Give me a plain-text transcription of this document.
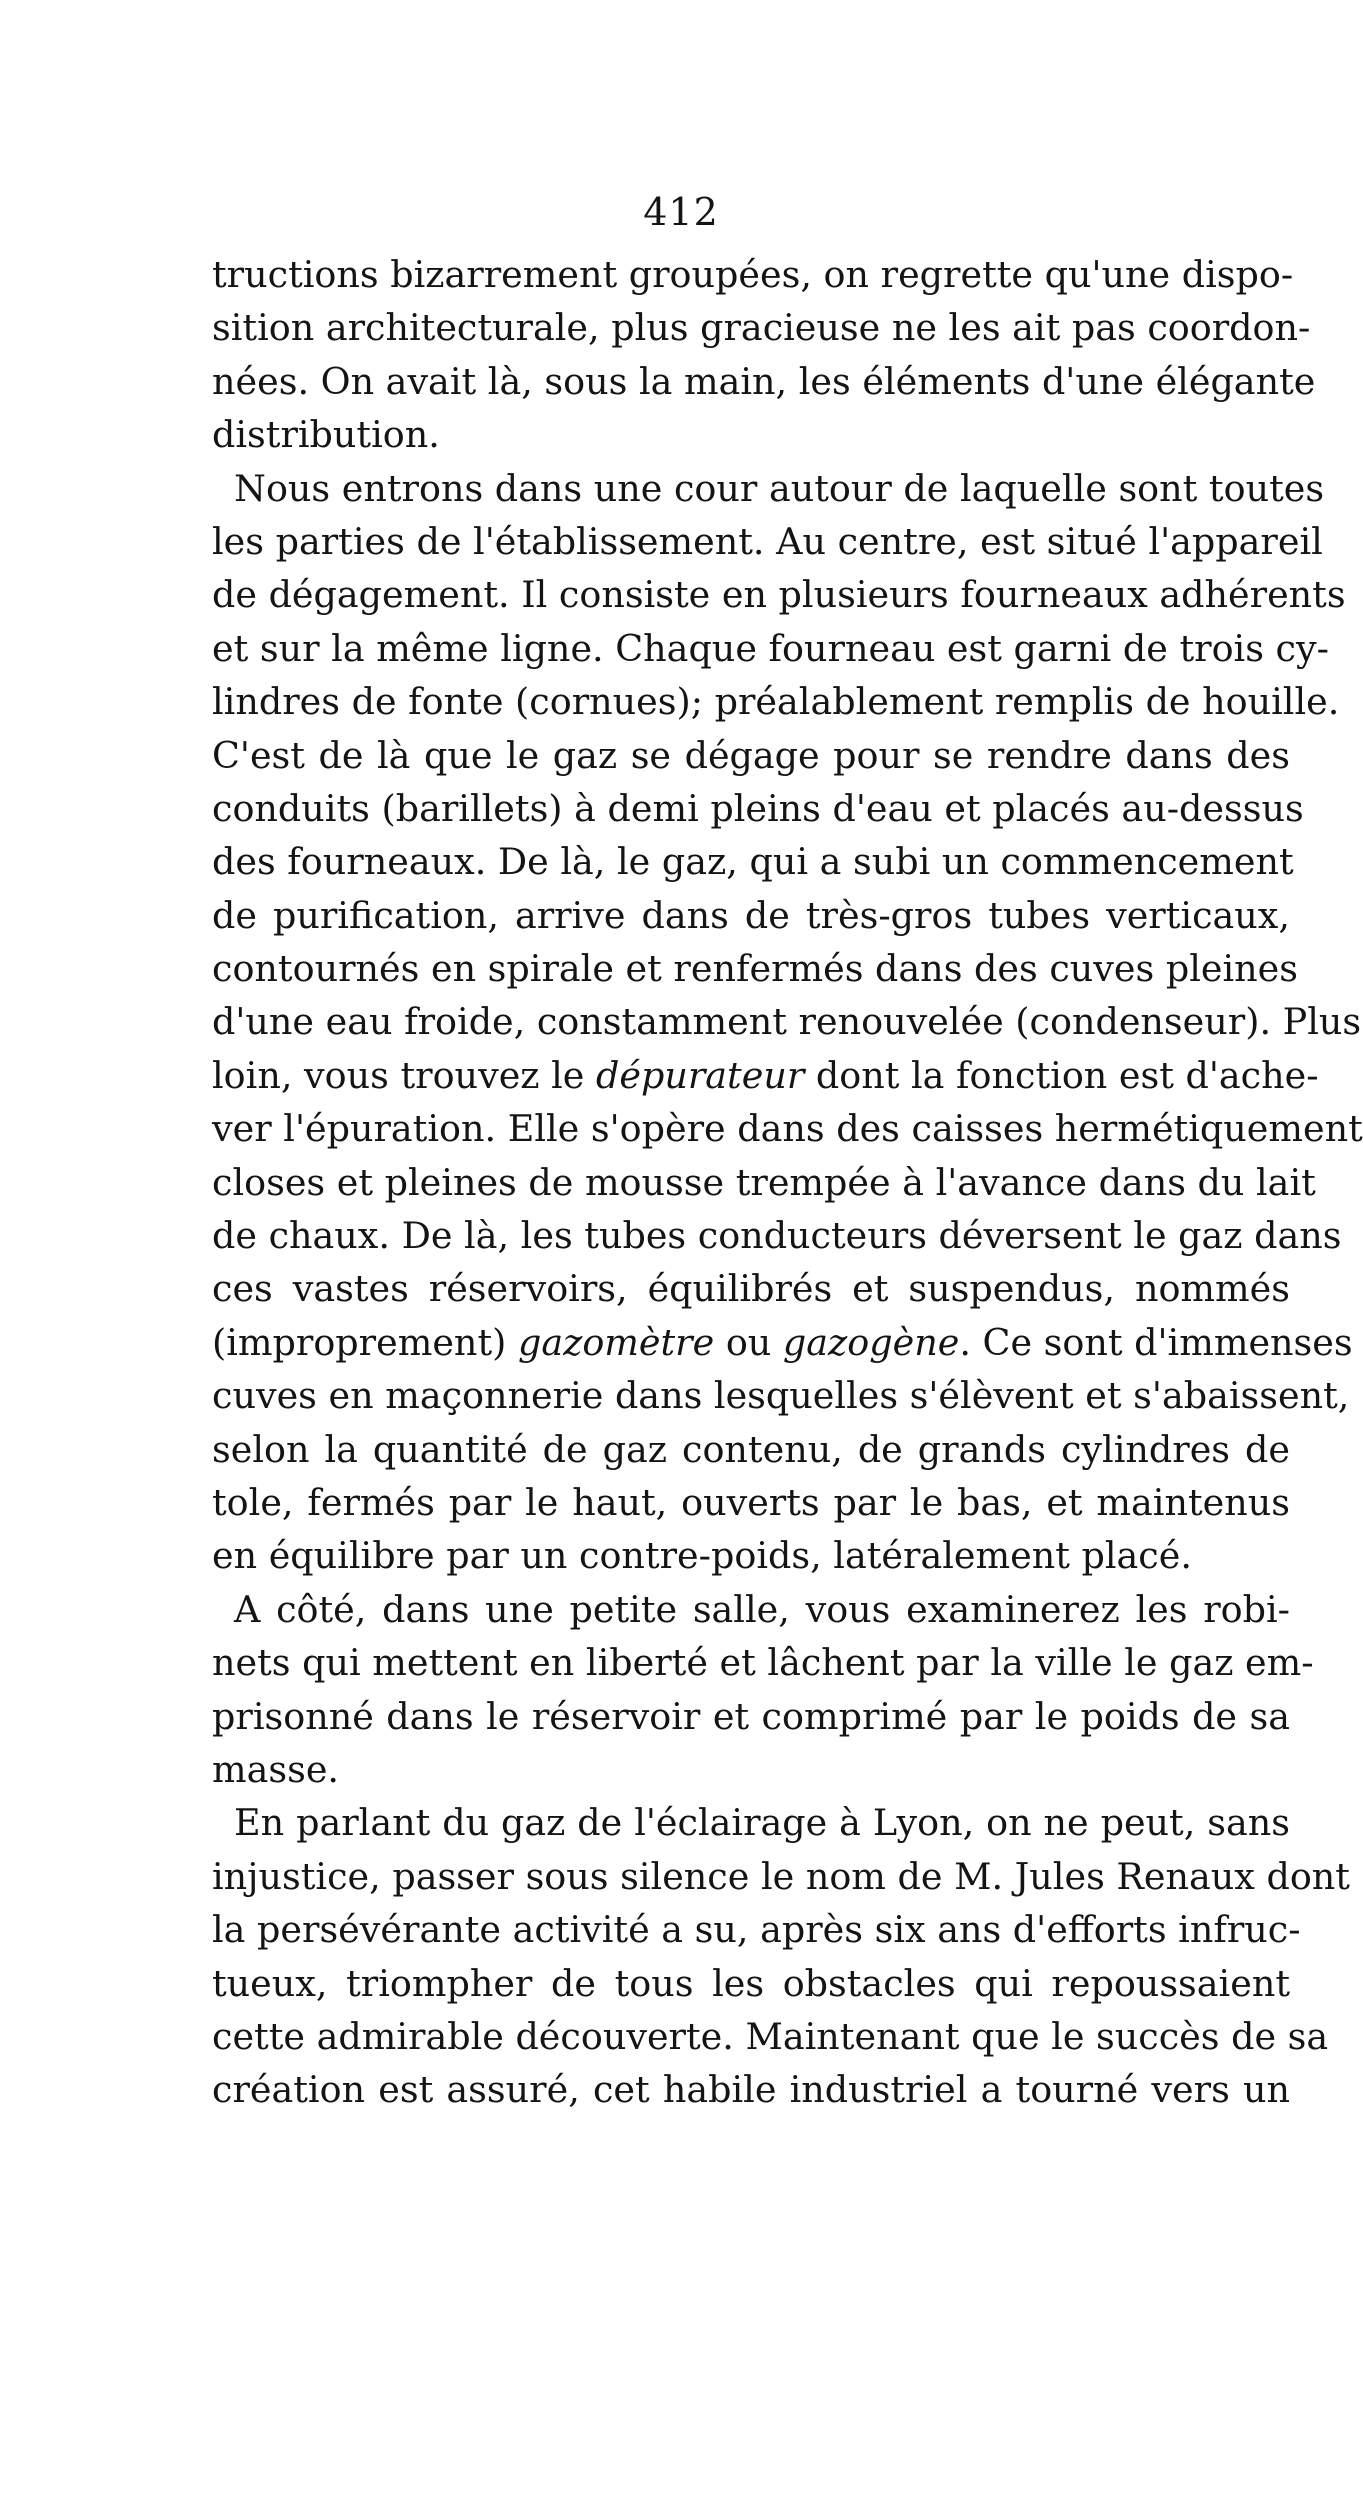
412
tructions bizarrement groupées, on regrette qu'une dispo-
sition architecturale, plus gracieuse ne les ait pas coordon-
nées. On avait là, sous la main, les éléments d'une élégante
distribution.
Nous entrons dans une cour autour de laquelle sont toutes
les parties de l'établissement. Au centre, est situé l'appareil
de dégagement. Il consiste en plusieurs fourneaux adhérents
et sur la même ligne. Chaque fourneau est garni de trois cy-
lindres de fonte (cornues); préalablement remplis de houille.
C'est de là que le gaz se dégage pour se rendre dans des
conduits (barillets) à demi pleins d'eau et placés au-dessus
des fourneaux. De là, le gaz, qui a subi un commencement
de purification, arrive dans de très-gros tubes verticaux,
contournés en spirale et renfermés dans des cuves pleines
d'une eau froide, constamment renouvelée (condenseur). Plus
loin, vous trouvez le dépurateur dont la fonction est d'ache-
ver l'épuration. Elle s'opère dans des caisses hermétiquement
closes et pleines de mousse trempée à l'avance dans du lait
de chaux. De là, les tubes conducteurs déversent le gaz dans
ces vastes réservoirs, équilibrés et suspendus, nommés
(improprement) gazomètre ou gazogène. Ce sont d'immenses
cuves en maçonnerie dans lesquelles s'élèvent et s'abaissent,
selon la quantité de gaz contenu, de grands cylindres de
tole, fermés par le haut, ouverts par le bas, et maintenus
en équilibre par un contre-poids, latéralement placé.
A côté, dans une petite salle, vous examinerez les robi-
nets qui mettent en liberté et lâchent par la ville le gaz em-
prisonné dans le réservoir et comprimé par le poids de sa
masse.
En parlant du gaz de l'éclairage à Lyon, on ne peut, sans
injustice, passer sous silence le nom de M. Jules Renaux dont
la persévérante activité a su, après six ans d'efforts infruc-
tueux, triompher de tous les obstacles qui repoussaient
cette admirable découverte. Maintenant que le succès de sa
création est assuré, cet habile industriel a tourné vers un
